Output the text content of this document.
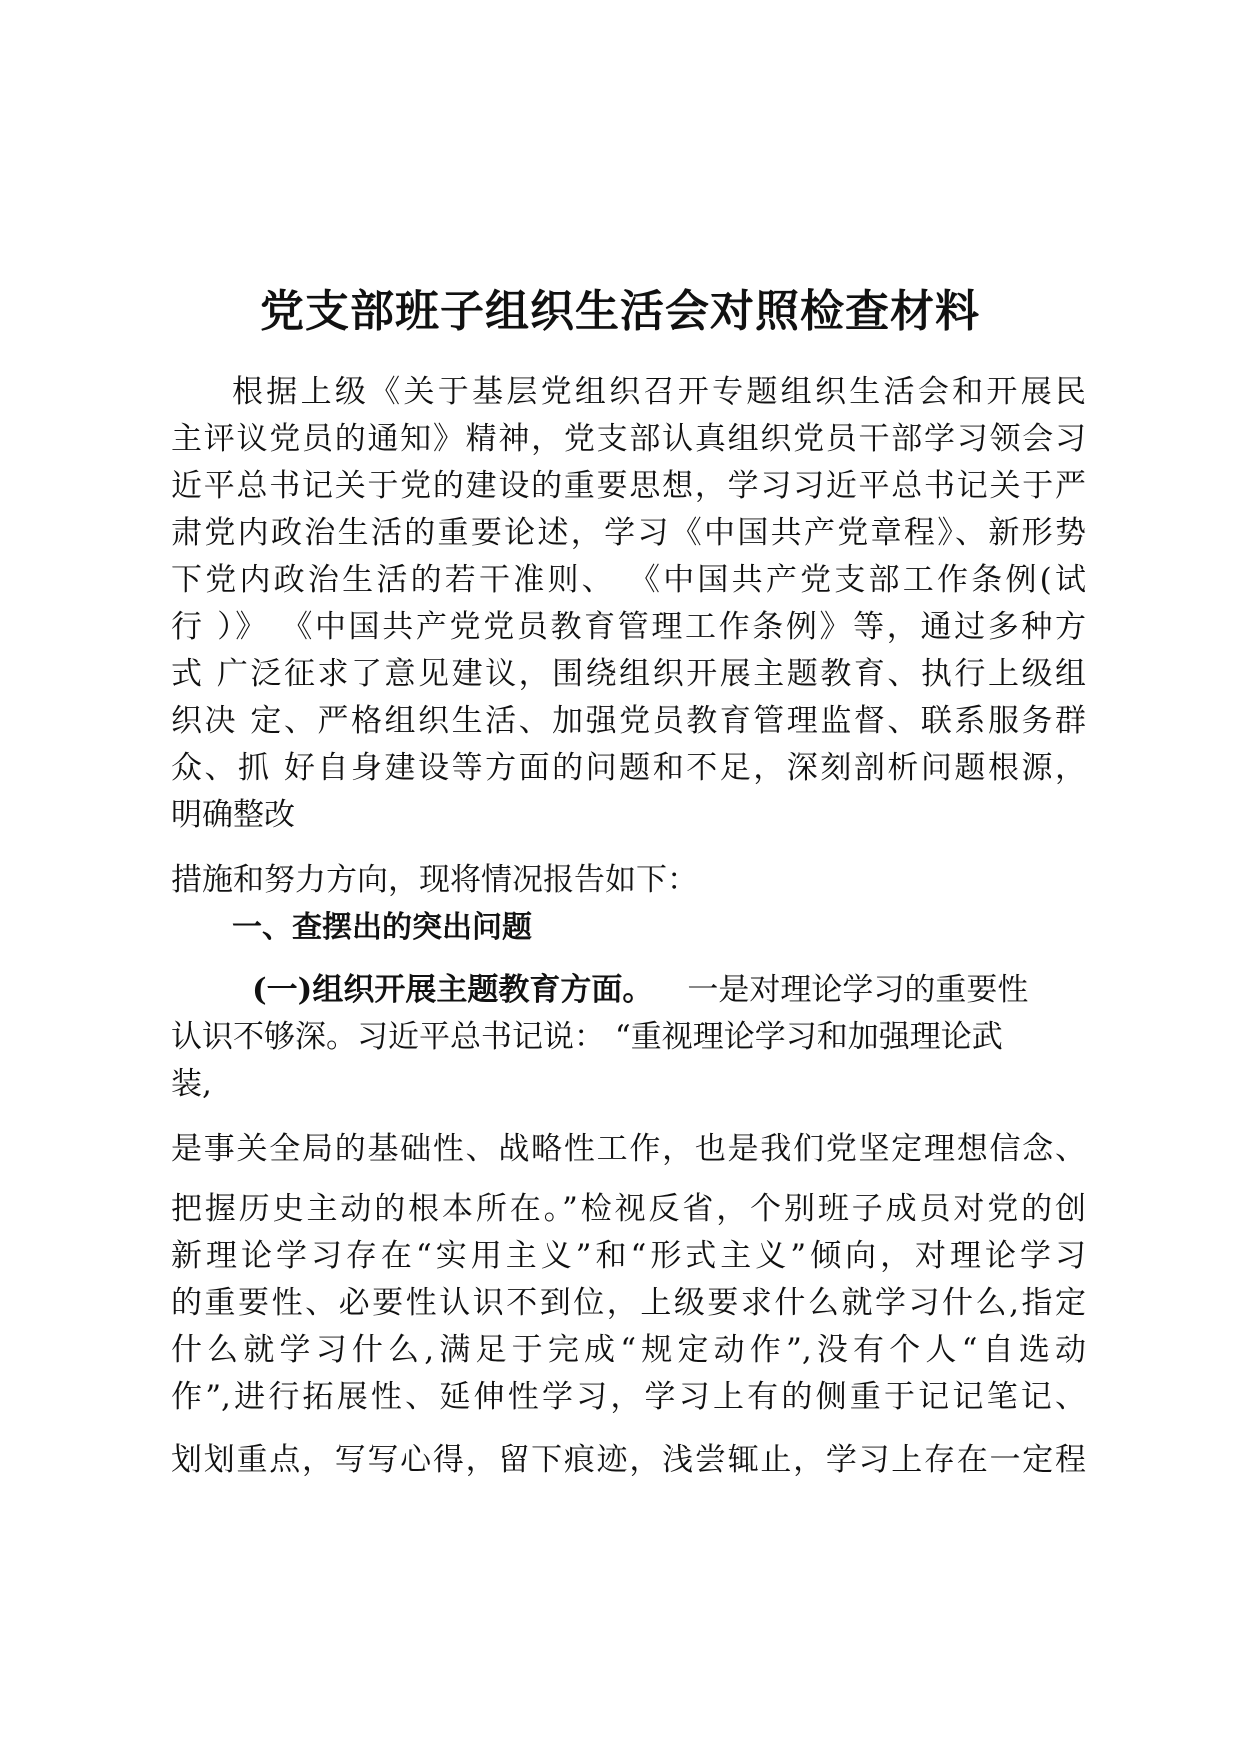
党支部班子组织生活会对照检查材料
根据上级《关于基层党组织召开专题组织生活会和开展民
主评议党员的通知》精神，党支部认真组织党员干部学习领会习
近平总书记关于党的建设的重要思想，学习习近平总书记关于严
肃党内政治生活的重要论述，学习《中国共产党章程》、新形势
下党内政治生活的若干准则、 《中国共产党支部工作条例(试
行 ）》 《中国共产党党员教育管理工作条例》等，通过多种方
式 广泛征求了意见建议，围绕组织开展主题教育、执行上级组
织决 定、严格组织生活、加强党员教育管理监督、联系服务群
众、抓 好自身建设等方面的问题和不足，深刻剖析问题根源，
明确整改
措施和努力方向，现将情况报告如下：
一、查摆出的突出问题
(一)组织开展主题教育方面。 一是对理论学习的重要性
认识不够深。习近平总书记说： “重视理论学习和加强理论武
装,
是事关全局的基础性、战略性工作，也是我们党坚定理想信念、
把握历史主动的根本所在。”检视反省，个别班子成员对党的创
新理论学习存在“实用主义”和“形式主义”倾向，对理论学习
的重要性、必要性认识不到位，上级要求什么就学习什么,指定
什么就学习什么,满足于完成“规定动作”,没有个人“自选动
作”,进行拓展性、延伸性学习，学习上有的侧重于记记笔记、
划划重点，写写心得，留下痕迹，浅尝辄止，学习上存在一定程
